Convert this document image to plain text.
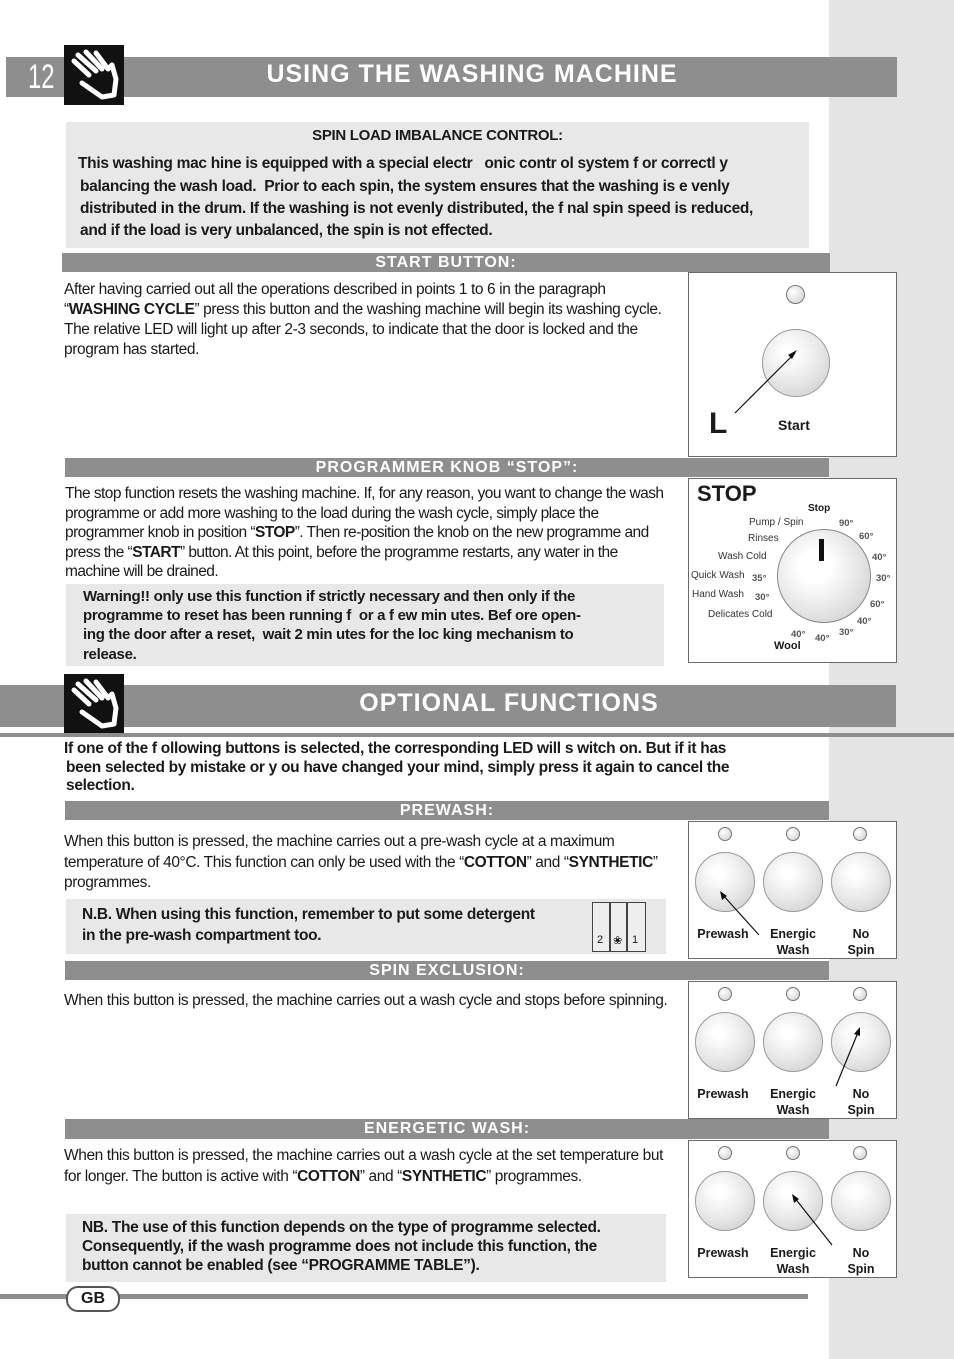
12	USING THE WASHING MACHINE
SPIN LOAD IMBALANCE CONTROL:
This washing mac hine is equipped with a special electr   onic contr ol system f or correctl y
balancing the wash load.  Prior to each spin, the system ensures that the washing is e venly
distributed in the drum. If the washing is not evenly distributed, the f nal spin speed is reduced,
and if the load is very unbalanced, the spin is not effected.
START BUTTON:
After having carried out all the operations described in points 1 to 6 in the paragraph “WASHING CYCLE” press this button and the washing machine will begin its washing cycle. The relative LED will light up after 2-3 seconds, to indicate that the door is locked and the program has started.
L	Start
PROGRAMMER KNOB “STOP”:
The stop function resets the washing machine. If, for any reason, you want to change the wash programme or add more washing to the load during the wash cycle, simply place the programmer knob in position “STOP”. Then re-position the knob on the new programme and press the “START” button. At this point, before the programme restarts, any water in the machine will be drained.
Warning!! only use this function if strictly necessary and then only if the
programme to reset has been running f  or a f ew min utes. Bef ore open-
ing the door after a reset,  wait 2 min utes for the loc king mechanism to
release.
STOP
Stop
Pump / Spin
Rinses
Wash Cold
Quick Wash
Hand Wash
Delicates Cold
90°
60°
40°
30°
60°
40°
30°
35°
30°
40° 40°
Wool
OPTIONAL FUNCTIONS
If one of the f ollowing buttons is selected, the corresponding LED will s witch on. But if it has
been selected by mistake or y ou have changed your mind, simply press it again to cancel the
selection.
PREWASH:
When this button is pressed, the machine carries out a pre-wash cycle at a maximum temperature of 40°C. This function can only be used with the “COTTON” and “SYNTHETIC” programmes.
N.B. When using this function, remember to put some detergent
in the pre-wash compartment too.	2 ❀ 1	Prewash	Energic
Wash
No
Spin
SPIN EXCLUSION:
When this button is pressed, the machine carries out a wash cycle and stops before spinning.
Prewash	Energic
Wash
No
Spin
ENERGETIC WASH:
When this button is pressed, the machine carries out a wash cycle at the set temperature but for longer. The button is active with “COTTON” and “SYNTHETIC” programmes.
NB. The use of this function depends on the type of programme selected.
Consequently, if the wash programme does not include this function, the
button cannot be enabled (see “PROGRAMME TABLE”).
Prewash	Energic
Wash
No
Spin
GB
